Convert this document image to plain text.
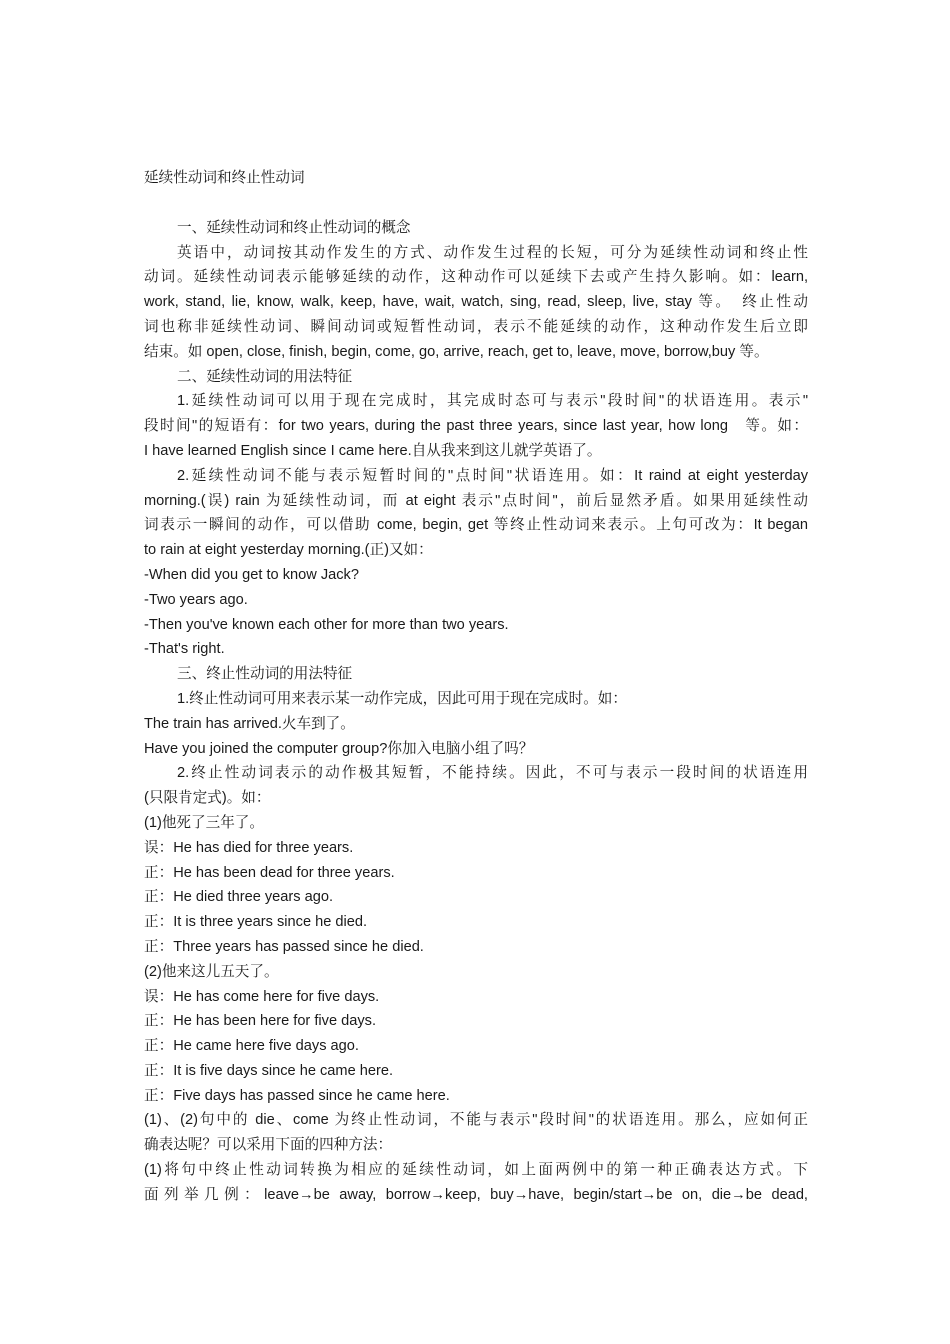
延续性动词和终止性动词
一、延续性动词和终止性动词的概念
英语中，动词按其动作发生的方式、动作发生过程的长短，可分为延续性动词和终止性
动词。延续性动词表示能够延续的动作，这种动作可以延续下去或产生持久影响。如：learn,
work, stand, lie, know, walk, keep, have, wait, watch, sing, read, sleep, live, stay 等。　终止性动
词也称非延续性动词、瞬间动词或短暂性动词，表示不能延续的动作，这种动作发生后立即
结束。如 open, close, finish, begin, come, go, arrive, reach, get to, leave, move, borrow,buy 等。
二、延续性动词的用法特征
1.延续性动词可以用于现在完成时，其完成时态可与表示"段时间"的状语连用。表示"
段时间"的短语有：for two years, during the past three years, since last year, how long　等。如：
I have learned English since I came here.自从我来到这儿就学英语了。
2.延续性动词不能与表示短暂时间的"点时间"状语连用。如：It raind at eight yesterday
morning.(误) rain 为延续性动词，而 at eight 表示"点时间"，前后显然矛盾。如果用延续性动
词表示一瞬间的动作，可以借助 come, begin, get 等终止性动词来表示。上句可改为：It began
to rain at eight yesterday morning.(正)又如：
-When did you get to know Jack?
-Two years ago.
-Then you've known each other for more than two years.
-That's right.
三、终止性动词的用法特征
1.终止性动词可用来表示某一动作完成，因此可用于现在完成时。如：
The train has arrived.火车到了。
Have you joined the computer group?你加入电脑小组了吗？
2.终止性动词表示的动作极其短暂，不能持续。因此，不可与表示一段时间的状语连用
(只限肯定式)。如：
(1)他死了三年了。
误：He has died for three years.
正：He has been dead for three years.
正：He died three years ago.
正：It is three years since he died.
正：Three years has passed since he died.
(2)他来这儿五天了。
误：He has come here for five days.
正：He has been here for five days.
正：He came here five days ago.
正：It is five days since he came here.
正：Five days has passed since he came here.
(1)、(2)句中的 die、come 为终止性动词，不能与表示"段时间"的状语连用。那么，应如何正
确表达呢？可以采用下面的四种方法：
(1)将句中终止性动词转换为相应的延续性动词，如上面两例中的第一种正确表达方式。下
面列举几例：leave→be away, borrow→keep, buy→have, begin/start→be on, die→be dead,
